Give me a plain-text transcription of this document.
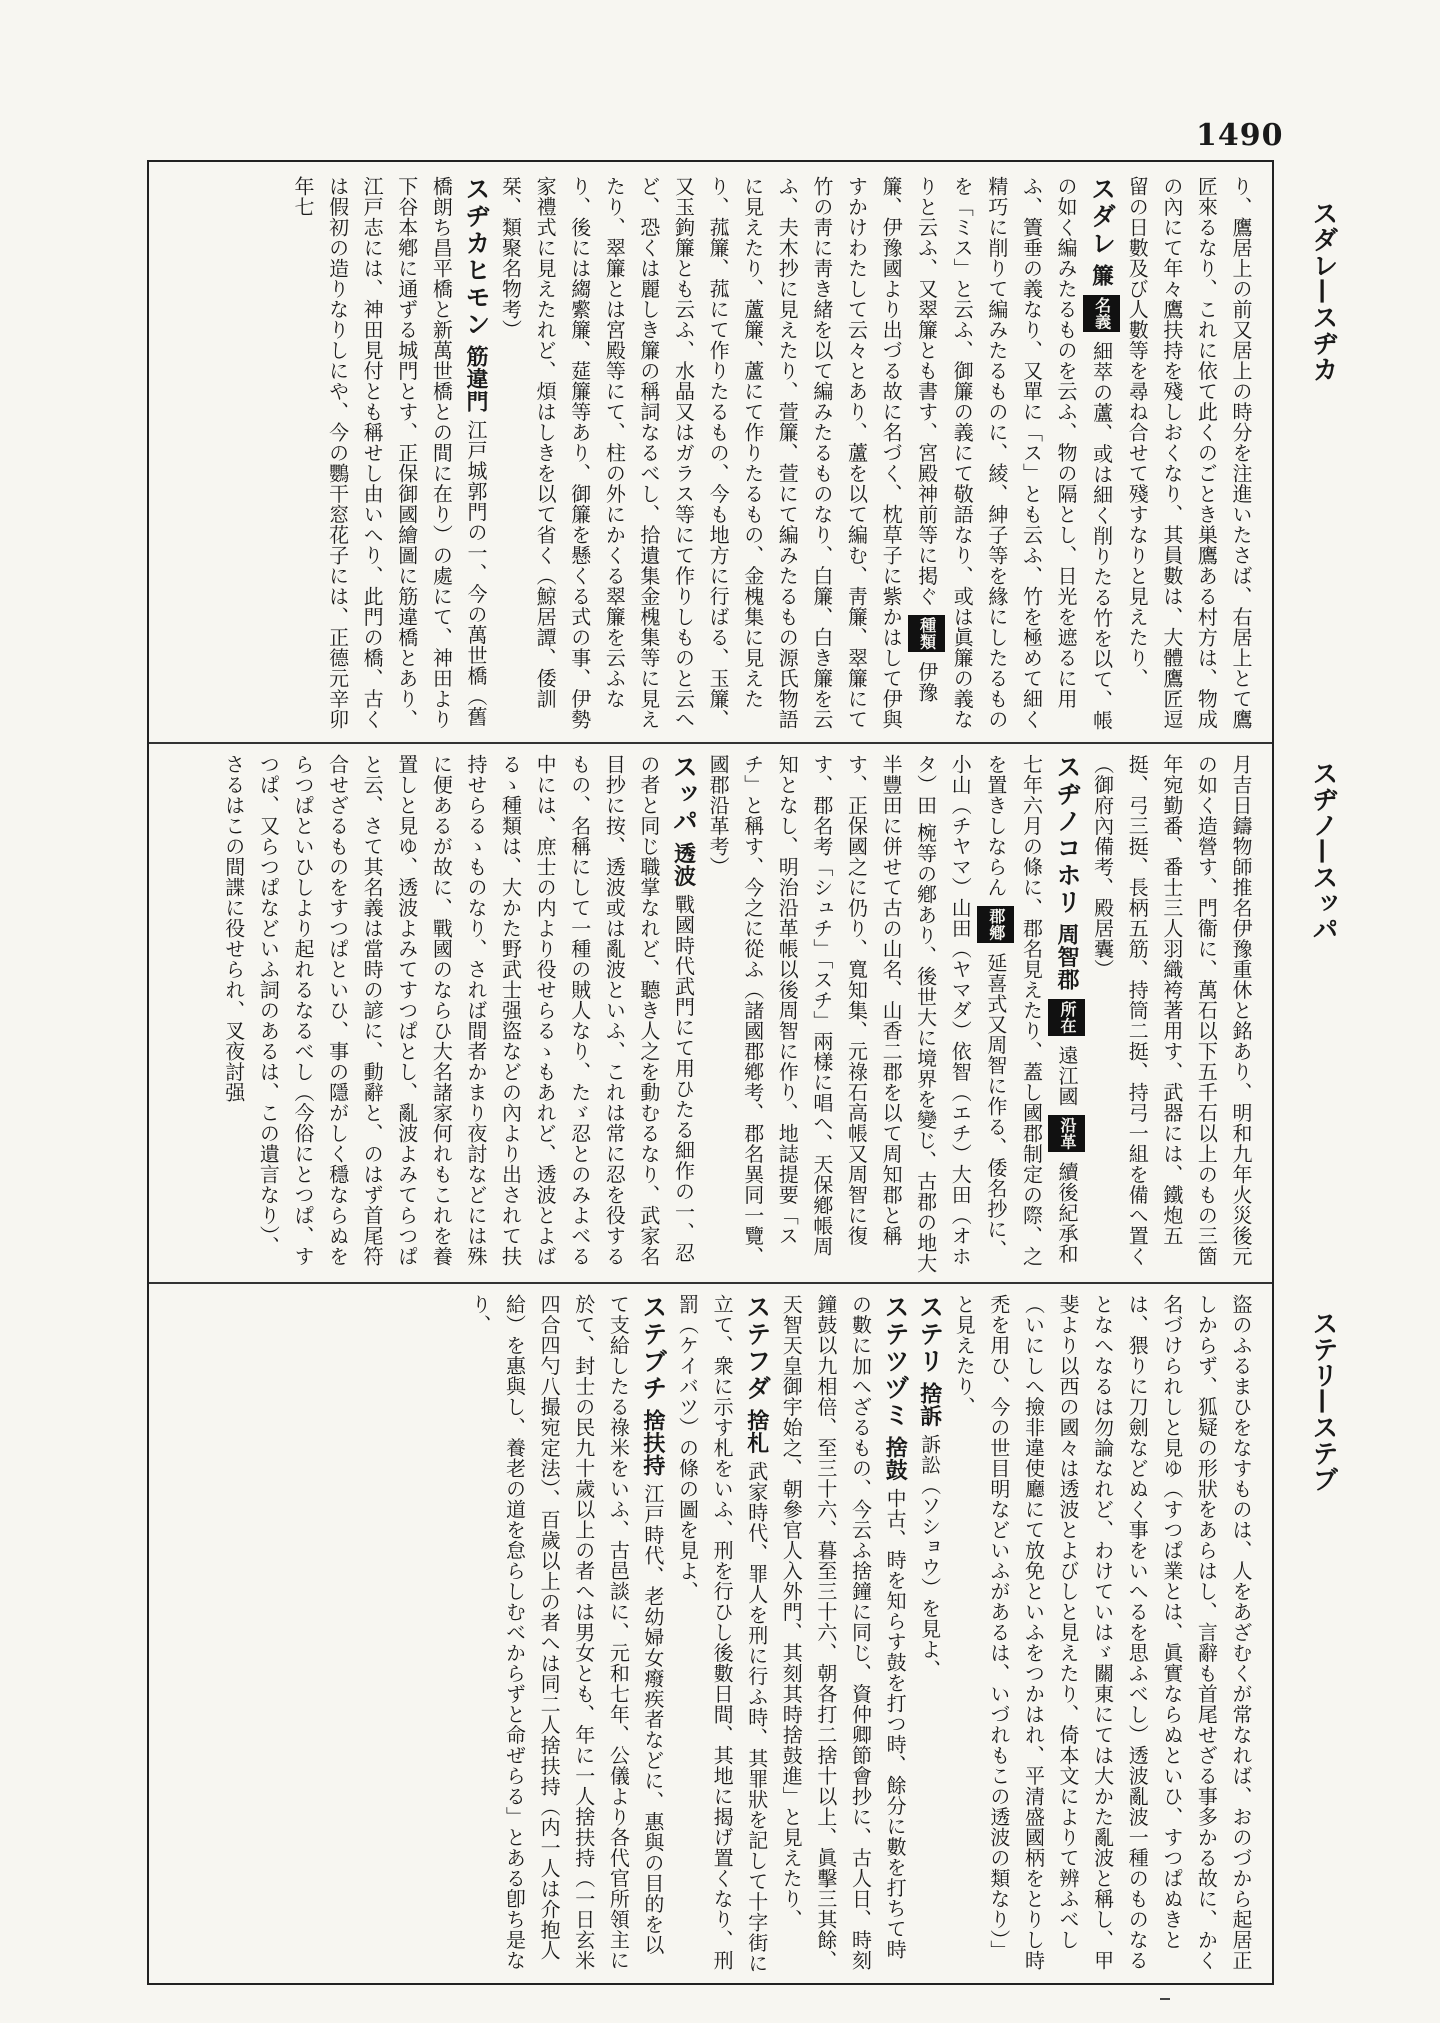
1490
スダレ—スヂカ
スヂノ—スッパ
ステリ—ステブ
り、鷹居上の前又居上の時分を注進いたさば、右居上とて鷹匠來るなり、これに依て此くのごとき巣鷹ある村方は、物成の內にて年々鷹扶持を殘しおくなり、其員數は、大體鷹匠逗留の日數及び人數等を尋ね合せて殘すなりと見えたり、
スダレ 簾 名義 細萃の蘆、或は細く削りたる竹を以て、帳の如く編みたるものを云ふ、物の隔とし、日光を遮るに用ふ、簀垂の義なり、又單に「ス」とも云ふ、竹を極めて細く精巧に削りて編みたるものに、綾、紳子等を緣にしたるものを「ミス」と云ふ、御簾の義にて敬語なり、或は眞簾の義なりと云ふ、又翠簾とも書す、宮殿神前等に掲ぐ 種類 伊豫簾、伊豫國より出づる故に名づく、枕草子に紫かはして伊與すかけわたして云々とあり、蘆を以て編む、靑簾、翠簾にて竹の靑に靑き緒を以て編みたるものなり、白簾、白き簾を云ふ、夫木抄に見えたり、萱簾、萱にて編みたるもの源氏物語に見えたり、蘆簾、蘆にて作りたるもの、金槐集に見えたり、菰簾、菰にて作りたるもの、今も地方に行ばる、玉簾、又玉鉤簾とも云ふ、水晶又はガラス等にて作りしものと云へど、恐くは麗しき簾の稱詞なるべし、拾遺集金槐集等に見えたり、翠簾とは宮殿等にて、柱の外にかくる翠簾を云ふなり、後には縐䌠簾、莚簾等あり、御簾を懸くる式の事、伊勢家禮式に見えたれど、煩はしきを以て省く（鯨居譚、倭訓栞、類聚名物考）
スヂカヒモン 筋違門 江戸城郭門の一、今の萬世橋（舊橋朗ち昌平橋と新萬世橋との間に在り）の處にて、神田より下谷本鄕に通ずる城門とす、正保御國繪圖に筋違橋とあり、江戸志には、神田見付とも稱せし由いへり、此門の橋、古くは假初の造りなりしにや、今の鸚干窓花子には、正德元辛卯年七
月吉日鑄物師推名伊豫重休と銘あり、明和九年火災後元の如く造營す、門衞に、萬石以下五千石以上のもの三箇年宛勤番、番士三人羽織袴著用す、武器には、鐵炮五挺、弓三挺、長柄五筋、持筒二挺、持弓一組を備へ置く（御府內備考、殿居囊）
スヂノコホリ 周智郡 所在 遠江國 沿革 續後紀承和七年六月の條に、郡名見えたり、蓋し國郡制定の際、之を置きしならん 郡鄕 延喜式又周智に作る、倭名抄に、小山（チヤマ）山田（ヤマダ）依智（エチ）大田（オホタ）田 椀等の鄕あり、後世大に境界を變じ、古郡の地大半豐田に併せて古の山名、山香二郡を以て周知郡と稱す、正保國之に仍り、寬知集、元祿石高帳又周智に復す、郡名考「シュチ」「スチ」兩樣に唱へ、天保鄕帳周知となし、明治沿革帳以後周智に作り、地誌提要「スチ」と稱す、今之に從ふ（諸國郡鄕考、郡名異同一覽、國郡沿革考）
スッパ 透波 戰國時代武門にて用ひたる細作の一、忍の者と同じ職掌なれど、聽き人之を動むるなり、武家名目抄に按、透波或は亂波といふ、これは常に忍を役するもの、名稱にして一種の賊人なり、たゞ忍とのみよべる中には、庶士の内より役せらるゝもあれど、透波とよばるゝ種類は、大かた野武士强盜などの內より出されて扶持せらるゝものなり、されば間者かまり夜討などには殊に便あるが故に、戰國のならひ大名諸家何れもこれを養置しと見ゆ、透波よみてすつぱとし、亂波よみてらつぱと云、さて其名義は當時の諺に、動辭と、のはず首尾符合せざるものをすつぱといひ、事の隱がしく穩ならぬをらつぱといひしより起れるなるべし（今俗にとつぱ、すつぱ、又らつぱなどいふ詞のあるは、この遺言なり）、さるはこの間諜に役せられ、叉夜討强
盜のふるまひをなすものは、人をあざむくが常なれば、おのづから起居正しからず、狐疑の形狀をあらはし、言辭も首尾せざる事多かる故に、かく名づけられしと見ゆ（すつぱ業とは、眞實ならぬといひ、すつぱぬきとは、猥りに刀劍などぬく事をいへるを思ふべし）透波亂波一種のものなるとなへなるは勿論なれど、わけていはゞ關東にては大かた亂波と稱し、甲斐より以西の國々は透波とよびしと見えたり、倚本文によりて辨ふべし（いにしへ撿非違使廳にて放免といふをつかはれ、平清盛國柄をとりし時禿を用ひ、今の世目明などいふがあるは、いづれもこの透波の類なり）」と見えたり、
ステリ 捨訴 訴訟（ソショウ）を見よ、
ステツヅミ 捨鼓 中古、時を知らす鼓を打つ時、餘分に數を打ちて時の數に加へざるもの、今云ふ捨鐘に同じ、資仲卿節會抄に、古人日、時刻鐘鼓以九相倍、至三十六、暮至三十六、朝各打二捨十以上、眞擊三其餘、天智天皇御宇始之、朝參官人入外門、其刻其時捨鼓進」と見えたり、
ステフダ 捨札 武家時代、罪人を刑に行ふ時、其罪狀を記して十字街に立て、衆に示す札をいふ、刑を行ひし後數日間、其地に揭げ置くなり、刑罰（ケイバツ）の條の圖を見よ、
ステブチ 捨扶持 江戸時代、老幼婦女癈疾者などに、惠與の目的を以て支給したる祿米をいふ、古邑談に、元和七年、公儀より各代官所領主に於て、封士の民九十歲以上の者へは男女とも、年に一人捨扶持（一日玄米四合四勺八撮宛定法）、百歲以上の者へは同二人捨扶持（内一人は介抱人給）を惠與し、養老の道を怠らしむべからずと命ぜらる」とある卽ち是なり、
